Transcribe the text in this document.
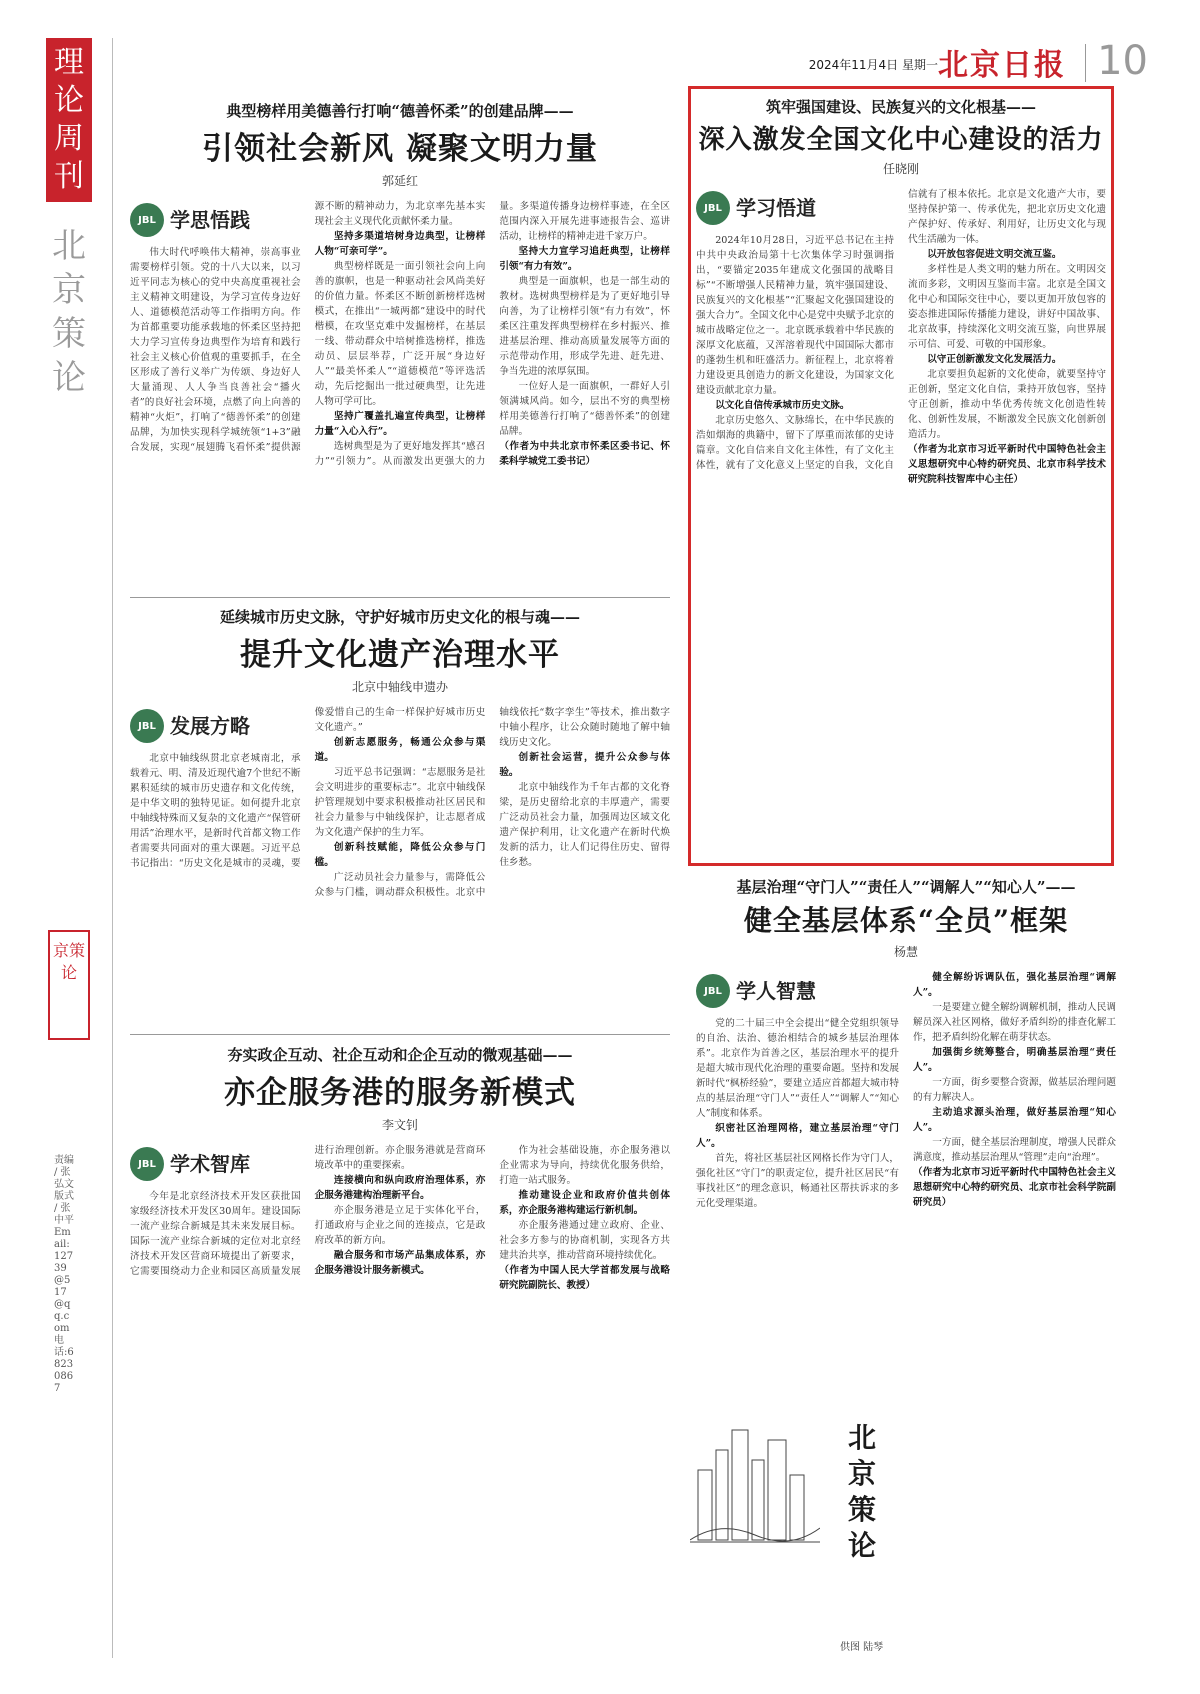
理论周刊
北京策论
京策论
责编 / 张弘文 版式 / 张中平 Email:12739@517@qq.com 电话:68230867
2024年11月4日 星期一 北京日报 10
典型榜样用美德善行打响“德善怀柔”的创建品牌——
引领社会新风 凝聚文明力量
郭延红
JBL 学思悟践

伟大时代呼唤伟大精神，崇高事业需要榜样引领。党的十八大以来，以习近平同志为核心的党中央高度重视社会主义精神文明建设，为学习宣传身边好人、道德模范活动等工作指明方向。作为首都重要功能承载地的怀柔区坚持把大力学习宣传身边典型作为培育和践行社会主义核心价值观的重要抓手，在全区形成了善行义举广为传颂、身边好人大量涌现、人人争当良善社会“播火者”的良好社会环境，点燃了向上向善的精神“火炬”，打响了“德善怀柔”的创建品牌，为加快实现科学城统领“1+3”融合发展，实现“展翅腾飞看怀柔”提供源源不断的精神动力，为北京率先基本实现社会主义现代化贡献怀柔力量。

坚持多渠道培树身边典型，让榜样人物“可亲可学”。

典型榜样既是一面引领社会向上向善的旗帜，也是一种驱动社会风尚美好的价值力量。怀柔区不断创新榜样选树模式，在推出“一城两都”建设中的时代楷模，在攻坚克难中发掘榜样，在基层一线、带动群众中培树推选榜样，推选动员、层层举荐，广泛开展“身边好人”“最美怀柔人”“道德模范”等评选活动，先后挖掘出一批过硬典型，让先进人物可学可比。

坚持广覆盖扎遍宣传典型，让榜样力量“入心入行”。

选树典型是为了更好地发挥其“感召力”“引领力”。从而激发出更强大的力量。多渠道传播身边榜样事迹，在全区范围内深入开展先进事迹报告会、巡讲活动，让榜样的精神走进千家万户。

坚持大力宣学习追赶典型，让榜样引领“有力有效”。

典型是一面旗帜，也是一部生动的教材。选树典型榜样是为了更好地引导向善，为了让榜样引领“有力有效”，怀柔区注重发挥典型榜样在乡村振兴、推进基层治理、推动高质量发展等方面的示范带动作用，形成学先进、赶先进、争当先进的浓厚氛围。

一位好人是一面旗帜，一群好人引领满城风尚。如今，层出不穷的典型榜样用美德善行打响了“德善怀柔”的创建品牌。

（作者为中共北京市怀柔区委书记、怀柔科学城党工委书记）

筑牢强国建设、民族复兴的文化根基——
深入激发全国文化中心建设的活力
任晓刚
JBL 学习悟道

2024年10月28日，习近平总书记在主持中共中央政治局第十七次集体学习时强调指出，“要锚定2035年建成文化强国的战略目标”“不断增强人民精神力量，筑牢强国建设、民族复兴的文化根基”“汇聚起文化强国建设的强大合力”。全国文化中心是党中央赋予北京的城市战略定位之一。北京既承载着中华民族的深厚文化底蕴，又浑溶着现代中国国际大都市的蓬勃生机和旺盛活力。新征程上，北京将着力建设更具创造力的新文化建设，为国家文化建设贡献北京力量。

以文化自信传承城市历史文脉。

北京历史悠久、文脉绵长，在中华民族的浩如烟海的典籍中，留下了厚重而浓郁的史诗篇章。文化自信来自文化主体性，有了文化主体性，就有了文化意义上坚定的自我，文化自信就有了根本依托。北京是文化遗产大市，要坚持保护第一、传承优先，把北京历史文化遗产保护好、传承好、利用好，让历史文化与现代生活融为一体。

以开放包容促进文明交流互鉴。

多样性是人类文明的魅力所在。文明因交流而多彩，文明因互鉴而丰富。北京是全国文化中心和国际交往中心，要以更加开放包容的姿态推进国际传播能力建设，讲好中国故事、北京故事，持续深化文明交流互鉴，向世界展示可信、可爱、可敬的中国形象。

以守正创新激发文化发展活力。

北京要担负起新的文化使命，就要坚持守正创新，坚定文化自信，秉持开放包容，坚持守正创新，推动中华优秀传统文化创造性转化、创新性发展，不断激发全民族文化创新创造活力。

（作者为北京市习近平新时代中国特色社会主义思想研究中心特约研究员、北京市科学技术研究院科技智库中心主任）

延续城市历史文脉，守护好城市历史文化的根与魂——
提升文化遗产治理水平
北京中轴线申遗办
JBL 发展方略

北京中轴线纵贯北京老城南北，承载着元、明、清及近现代逾7个世纪不断累积延续的城市历史遗存和文化传统，是中华文明的独特见证。如何提升北京中轴线特殊而又复杂的文化遗产“保管研用活”治理水平，是新时代首都文物工作者需要共同面对的重大课题。习近平总书记指出：“历史文化是城市的灵魂，要像爱惜自己的生命一样保护好城市历史文化遗产。”

创新志愿服务，畅通公众参与渠道。

习近平总书记强调：“志愿服务是社会文明进步的重要标志”。北京中轴线保护管理规划中要求积极推动社区居民和社会力量参与中轴线保护，让志愿者成为文化遗产保护的生力军。

创新科技赋能，降低公众参与门槛。

广泛动员社会力量参与，需降低公众参与门槛，调动群众积极性。北京中轴线依托“数字孪生”等技术，推出数字中轴小程序，让公众随时随地了解中轴线历史文化。

创新社会运营，提升公众参与体验。

北京中轴线作为千年古都的文化脊梁，是历史留给北京的丰厚遗产，需要广泛动员社会力量，加强周边区域文化遗产保护利用，让文化遗产在新时代焕发新的活力，让人们记得住历史、留得住乡愁。

基层治理“守门人”“责任人”“调解人”“知心人”——
健全基层体系“全员”框架
杨慧
JBL 学人智慧

党的二十届三中全会提出“健全党组织领导的自治、法治、德治相结合的城乡基层治理体系”。北京作为首善之区，基层治理水平的提升是超大城市现代化治理的重要命题。坚持和发展新时代“枫桥经验”，要建立适应首都超大城市特点的基层治理“守门人”“责任人”“调解人”“知心人”制度和体系。

织密社区治理网格，建立基层治理“守门人”。

首先，将社区基层社区网格长作为守门人，强化社区“守门”的职责定位，提升社区居民“有事找社区”的理念意识，畅通社区帮扶诉求的多元化受理渠道。

健全解纷诉调队伍，强化基层治理“调解人”。

一是要建立健全解纷调解机制，推动人民调解员深入社区网格，做好矛盾纠纷的排查化解工作，把矛盾纠纷化解在萌芽状态。

加强街乡统筹整合，明确基层治理“责任人”。

一方面，街乡要整合资源，做基层治理问题的有力解决人。

主动追求源头治理，做好基层治理“知心人”。

一方面，健全基层治理制度，增强人民群众满意度，推动基层治理从“管理”走向“治理”。

（作者为北京市习近平新时代中国特色社会主义思想研究中心特约研究员、北京市社会科学院副研究员）

北京策论
供图 陆琴
夯实政企互动、社企互动和企企互动的微观基础——
亦企服务港的服务新模式
李文钊
JBL 学术智库

今年是北京经济技术开发区获批国家级经济技术开发区30周年。建设国际一流产业综合新城是其未来发展目标。国际一流产业综合新城的定位对北京经济技术开发区营商环境提出了新要求，它需要围绕动力企业和园区高质量发展进行治理创新。亦企服务港就是营商环境改革中的重要探索。

连接横向和纵向政府治理体系，亦企服务港建构治理新平台。

亦企服务港是立足于实体化平台，打通政府与企业之间的连接点，它是政府改革的新方向。

融合服务和市场产品集成体系，亦企服务港设计服务新模式。

作为社会基础设施，亦企服务港以企业需求为导向，持续优化服务供给，打造一站式服务。

推动建设企业和政府价值共创体系，亦企服务港构建运行新机制。

亦企服务港通过建立政府、企业、社会多方参与的协商机制，实现各方共建共治共享，推动营商环境持续优化。

（作者为中国人民大学首都发展与战略研究院副院长、教授）
